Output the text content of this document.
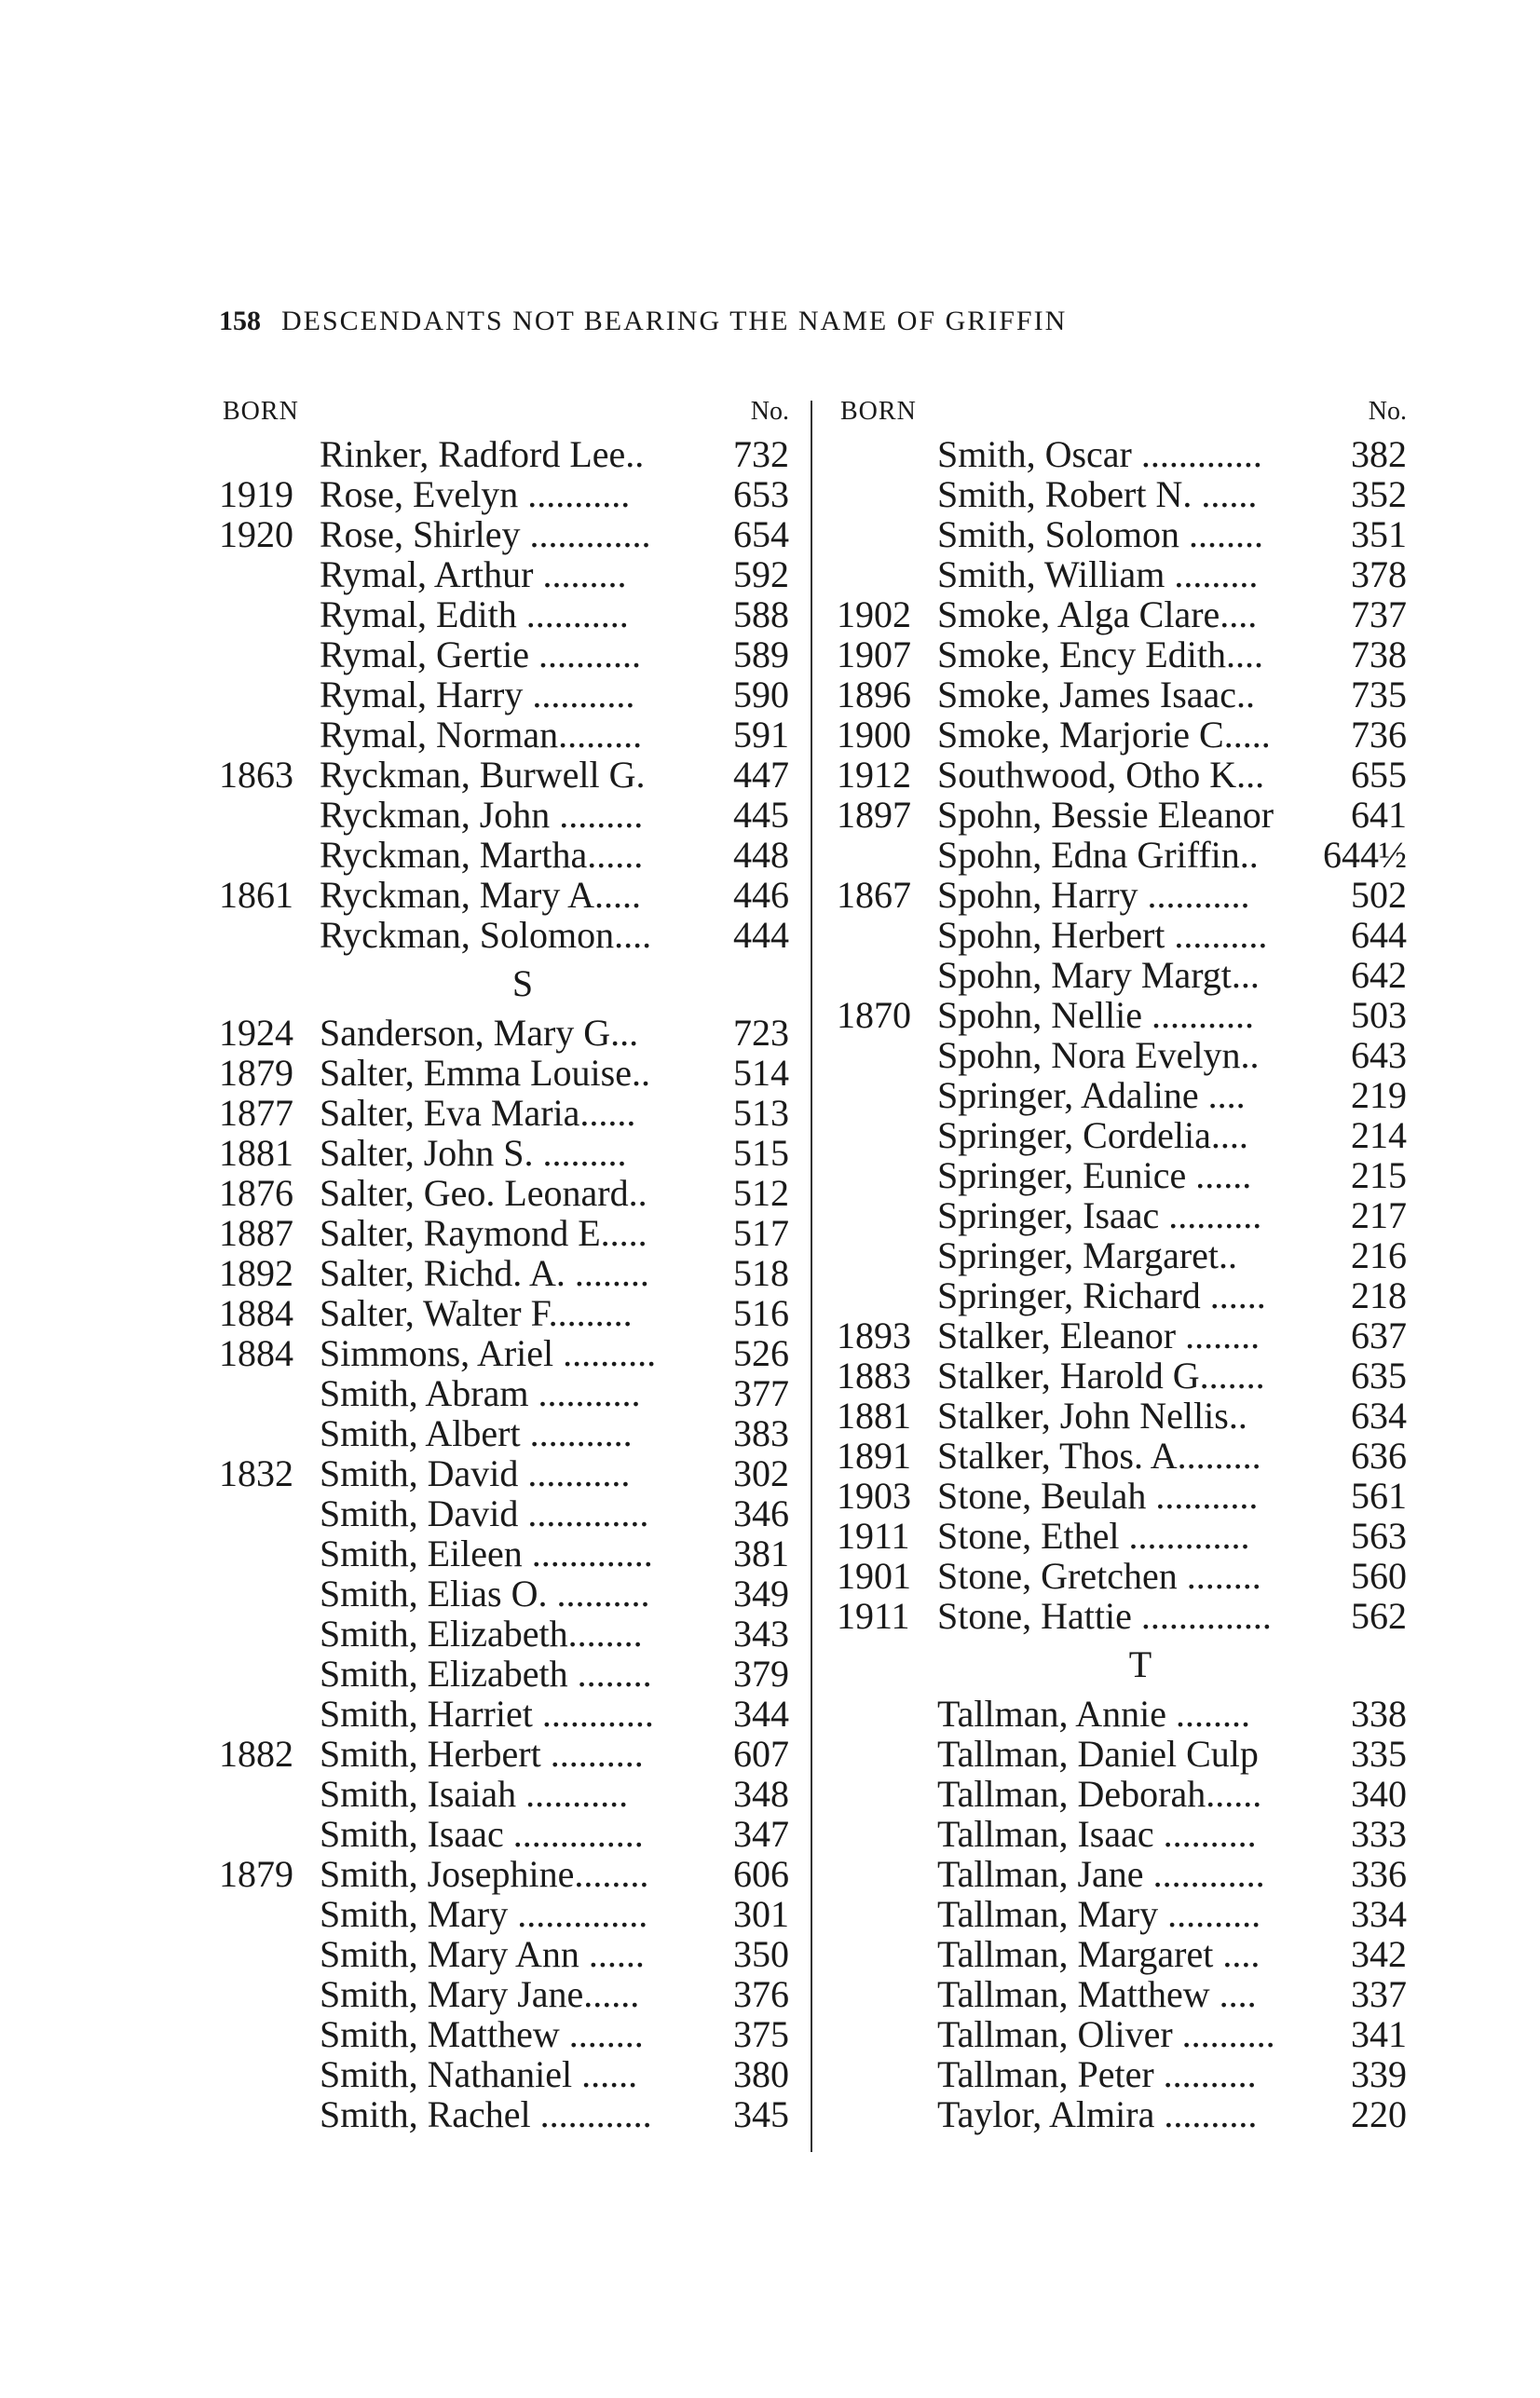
158 DESCENDANTS NOT BEARING THE NAME OF GRIFFIN
BORN	No.
Rinker, Radford Lee.. 732
1919 Rose, Evelyn ...........	653
1920 Rose, Shirley ............. 654
Rymal, Arthur .........	592
Rymal, Edith ...........	588
Rymal, Gertie ........... 589
Rymal, Harry ...........	590
Rymal, Norman......... 591
1863 Ryckman, Burwell G. 447
Ryckman, John ......... 445
Ryckman, Martha...... 448
1861 Ryckman, Mary A..... 446
Ryckman, Solomon.... 444
S
1924 Sanderson, Mary G...	723
1879 Salter, Emma Louise.. 514
1877 Salter, Eva Maria......	513
1881 Salter, John S. .........	515
1876 Salter, Geo. Leonard.. 512
1887 Salter, Raymond E..... 517
1892 Salter, Richd. A. ........ 518
1884 Salter, Walter F.........	516
1884 Simmons, Ariel .......... 526
Smith, Abram ........... 377
Smith, Albert ...........	383
1832 Smith, David ...........	302
Smith, David ............. 346
Smith, Eileen ............. 381
Smith, Elias O. .......... 349
Smith, Elizabeth........ 343
Smith, Elizabeth ........ 379
Smith, Harriet ............ 344
1882 Smith, Herbert .......... 607
Smith, Isaiah ...........	348
Smith, Isaac .............. 347
1879 Smith, Josephine........ 606
Smith, Mary .............. 301
Smith, Mary Ann ...... 350
Smith, Mary Jane......	376
Smith, Matthew ........ 375
Smith, Nathaniel ......	380
Smith, Rachel ............ 345
BORN	No.
Smith, Oscar ............. 382
Smith, Robert N. ......	352
Smith, Solomon ........ 351
Smith, William ......... 378
1902 Smoke, Alga Clare....	737
1907 Smoke, Ency Edith.... 738
1896 Smoke, James Isaac..	735
1900 Smoke, Marjorie C..... 736
1912 Southwood, Otho K... 655
1897 Spohn, Bessie Eleanor 641
Spohn, Edna Griffin.. 644½
1867 Spohn, Harry ...........	502
Spohn, Herbert .......... 644
Spohn, Mary Margt... 642
1870 Spohn, Nellie ...........	503
Spohn, Nora Evelyn.. 643
Springer, Adaline ....	219
Springer, Cordelia....	214
Springer, Eunice ......	215
Springer, Isaac .......... 217
Springer, Margaret..	216
Springer, Richard ...... 218
1893 Stalker, Eleanor ........ 637
1883 Stalker, Harold G....... 635
1881 Stalker, John Nellis..	634
1891 Stalker, Thos. A......... 636
1903 Stone, Beulah ........... 561
1911 Stone, Ethel .............	563
1901 Stone, Gretchen ........ 560
1911 Stone, Hattie .............. 562
T
Tallman, Annie ........	338
Tallman, Daniel Culp 335
Tallman, Deborah...... 340
Tallman, Isaac ..........	333
Tallman, Jane ............ 336
Tallman, Mary .......... 334
Tallman, Margaret .... 342
Tallman, Matthew ....	337
Tallman, Oliver .......... 341
Tallman, Peter ..........	339
Taylor, Almira ..........	220
